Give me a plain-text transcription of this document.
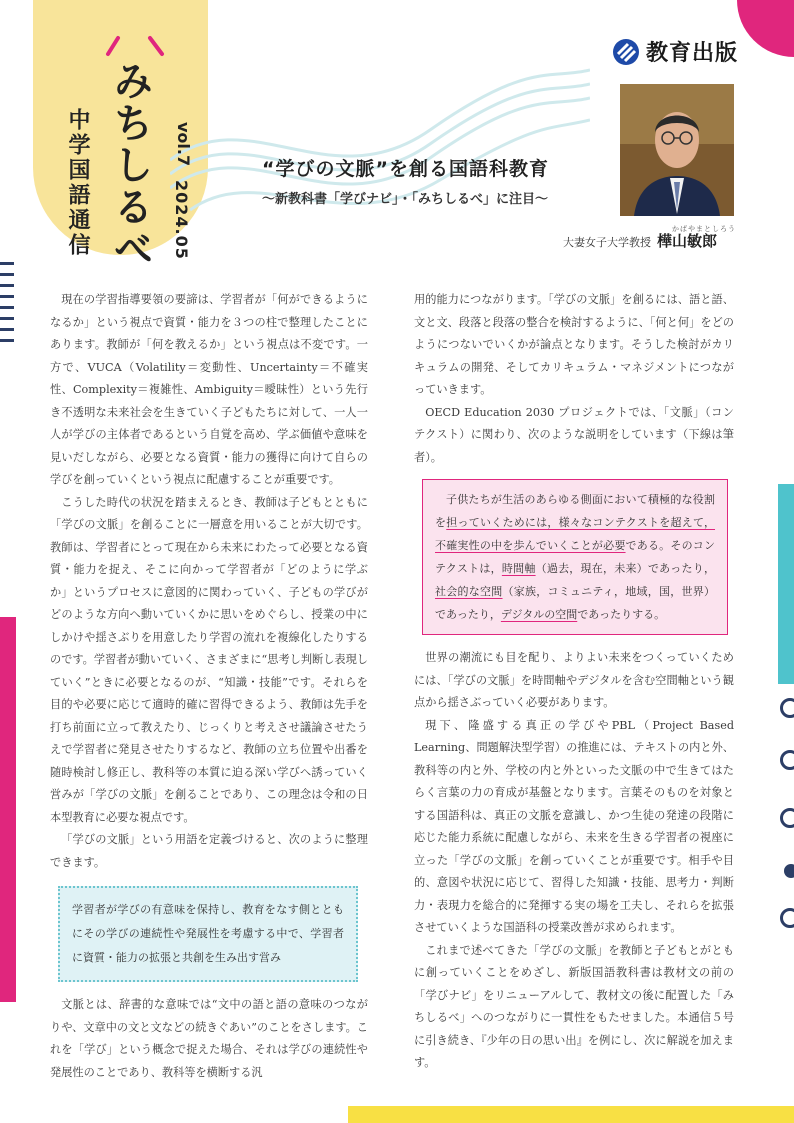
みちしるべ
中学国語通信	vol.7
2024.05
教育出版
“学びの文脈”を創る国語科教育
〜新教科書「学びナビ」・「みちしるべ」に注目〜
かばやまとしろう
大妻女子大学教授 樺山敏郎

現在の学習指導要領の要諦は、学習者が「何ができるようになるか」という視点で資質・能力を３つの柱で整理したことにあります。教師が「何を教えるか」という視点は不変です。一方で、VUCA（Volatility＝変動性、Uncertainty＝不確実性、Complexity＝複雑性、Ambiguity＝曖昧性）という先行き不透明な未来社会を生きていく子どもたちに対して、一人一人が学びの主体者であるという自覚を高め、学ぶ価値や意味を見いだしながら、必要となる資質・能力の獲得に向けて自らの学びを創っていくという視点に配慮することが重要です。

こうした時代の状況を踏まえるとき、教師は子どもとともに「学びの文脈」を創ることに一層意を用いることが大切です。教師は、学習者にとって現在から未来にわたって必要となる資質・能力を捉え、そこに向かって学習者が「どのように学ぶか」というプロセスに意図的に関わっていく、子どもの学びがどのような方向へ動いていくかに思いをめぐらし、授業の中にしかけや揺さぶりを用意したり学習の流れを複線化したりするのです。学習者が動いていく、さまざまに“思考し判断し表現していく”ときに必要となるのが、“知識・技能”です。それらを目的や必要に応じて適時的確に習得できるよう、教師は先手を打ち前面に立って教えたり、じっくりと考えさせ議論させたうえで学習者に発見させたりするなど、教師の立ち位置や出番を随時検討し修正し、教科等の本質に迫る深い学びへ誘っていく営みが「学びの文脈」を創ることであり、この理念は令和の日本型教育に必要な視点です。

「学びの文脈」という用語を定義づけると、次のように整理できます。

学習者が学びの有意味を保持し、教育をなす側とともにその学びの連続性や発展性を考慮する中で、学習者に資質・能力の拡張と共創を生み出す営み

文脈とは、辞書的な意味では“文中の語と語の意味のつながりや、文章中の文と文などの続きぐあい”のことをさします。これを「学び」という概念で捉えた場合、それは学びの連続性や発展性のことであり、教科等を横断する汎

用的能力につながります。「学びの文脈」を創るには、語と語、文と文、段落と段落の整合を検討するように、「何と何」をどのようにつないでいくかが論点となります。そうした検討がカリキュラムの開発、そしてカリキュラム・マネジメントにつながっていきます。

OECD Education 2030 プロジェクトでは、「文脈」（コンテクスト）に関わり、次のような説明をしています（下線は筆者）。

子供たちが生活のあらゆる側面において積極的な役割を担っていくためには，様々なコンテクストを超えて，不確実性の中を歩んでいくことが必要である。そのコンテクストは，時間軸（過去，現在，未来）であったり，社会的な空間（家族，コミュニティ，地域，国，世界）であったり，デジタルの空間であったりする。

世界の潮流にも目を配り、よりよい未来をつくっていくためには、「学びの文脈」を時間軸やデジタルを含む空間軸という観点から揺さぶっていく必要があります。

現下、隆盛する真正の学びやPBL（Project Based Learning、問題解決型学習）の推進には、テキストの内と外、教科等の内と外、学校の内と外といった文脈の中で生きてはたらく言葉の力の育成が基盤となります。言葉そのものを対象とする国語科は、真正の文脈を意識し、かつ生徒の発達の段階に応じた能力系統に配慮しながら、未来を生きる学習者の視座に立った「学びの文脈」を創っていくことが重要です。相手や目的、意図や状況に応じて、習得した知識・技能、思考力・判断力・表現力を総合的に発揮する実の場を工夫し、それらを拡張させていくような国語科の授業改善が求められます。

これまで述べてきた「学びの文脈」を教師と子どもとがともに創っていくことをめざし、新版国語教科書は教材文の前の「学びナビ」をリニューアルして、教材文の後に配置した「みちしるべ」へのつながりに一貫性をもたせました。本通信５号に引き続き、『少年の日の思い出』を例にし、次に解説を加えます。
